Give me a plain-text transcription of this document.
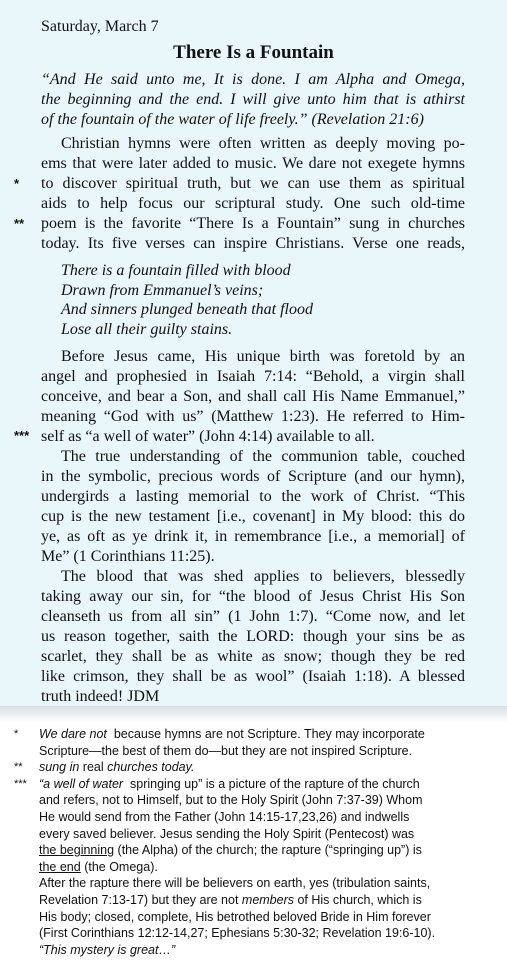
Saturday, March 7
There Is a Fountain
“And He said unto me, It is done. I am Alpha and Omega,
the beginning and the end. I will give unto him that is athirst
of the fountain of the water of life freely.” (Revelation 21:6)
Christian hymns were often written as deeply moving po-
ems that were later added to music. We dare not exegete hymns
to discover spiritual truth, but we can use them as spiritual
aids to help focus our scriptural study. One such old-time
poem is the favorite “There Is a Fountain” sung in churches
today. Its five verses can inspire Christians. Verse one reads,
*
**
There is a fountain filled with blood
Drawn from Emmanuel’s veins;
And sinners plunged beneath that flood
Lose all their guilty stains.
Before Jesus came, His unique birth was foretold by an
angel and prophesied in Isaiah 7:14: “Behold, a virgin shall
conceive, and bear a Son, and shall call His Name Emmanuel,”
meaning “God with us” (Matthew 1:23). He referred to Him-
self as “a well of water” (John 4:14) available to all.
***
The true understanding of the communion table, couched
in the symbolic, precious words of Scripture (and our hymn),
undergirds a lasting memorial to the work of Christ. “This
cup is the new testament [i.e., covenant] in My blood: this do
ye, as oft as ye drink it, in remembrance [i.e., a memorial] of
Me” (1 Corinthians 11:25).
The blood that was shed applies to believers, blessedly
taking away our sin, for “the blood of Jesus Christ His Son
cleanseth us from all sin” (1 John 1:7). “Come now, and let
us reason together, saith the LORD: though your sins be as
scarlet, they shall be as white as snow; though they be red
like crimson, they shall be as wool” (Isaiah 1:18). A blessed
truth indeed! JDM
* We dare not  because hymns are not Scripture. They may incorporate
Scripture—the best of them do—but they are not inspired Scripture.
** sung in real churches today.
*** “a well of water  springing up” is a picture of the rapture of the church
and refers, not to Himself, but to the Holy Spirit (John 7:37-39) Whom
He would send from the Father (John 14:15-17,23,26) and indwells
every saved believer. Jesus sending the Holy Spirit (Pentecost) was
the beginning (the Alpha) of the church; the rapture (“springing up”) is
the end (the Omega).
After the rapture there will be believers on earth, yes (tribulation saints,
Revelation 7:13-17) but they are not members of His church, which is
His body; closed, complete, His betrothed beloved Bride in Him forever
(First Corinthians 12:12-14,27; Ephesians 5:30-32; Revelation 19:6-10).
“This mystery is great…”
